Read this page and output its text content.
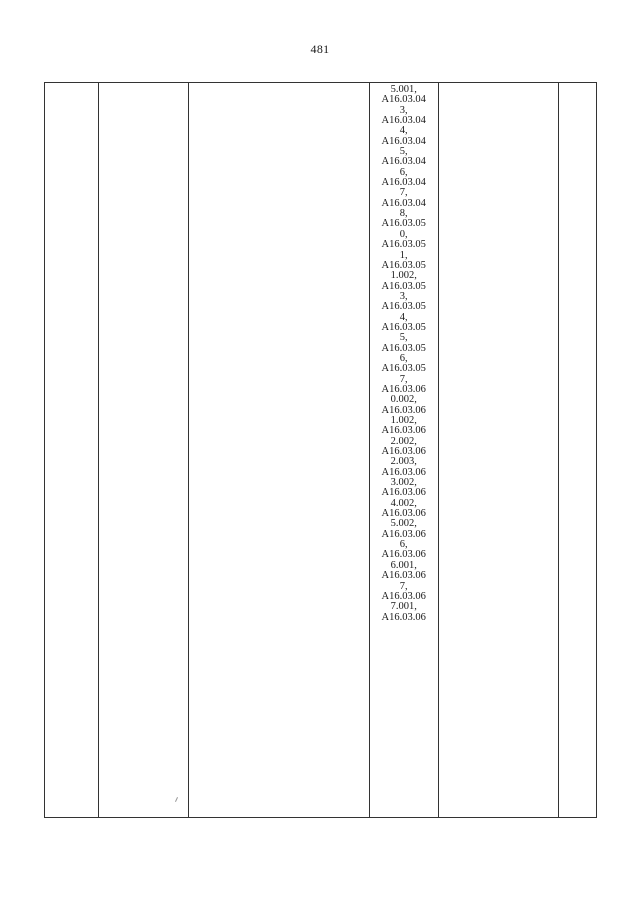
481
5.001,
A16.03.04
3,
A16.03.04
4,
A16.03.04
5,
A16.03.04
6,
A16.03.04
7,
A16.03.04
8,
A16.03.05
0,
A16.03.05
1,
A16.03.05
1.002,
A16.03.05
3,
A16.03.05
4,
A16.03.05
5,
A16.03.05
6,
A16.03.05
7,
A16.03.06
0.002,
A16.03.06
1.002,
A16.03.06
2.002,
A16.03.06
2.003,
A16.03.06
3.002,
A16.03.06
4.002,
A16.03.06
5.002,
A16.03.06
6,
A16.03.06
6.001,
A16.03.06
7,
A16.03.06
7.001,
A16.03.06
